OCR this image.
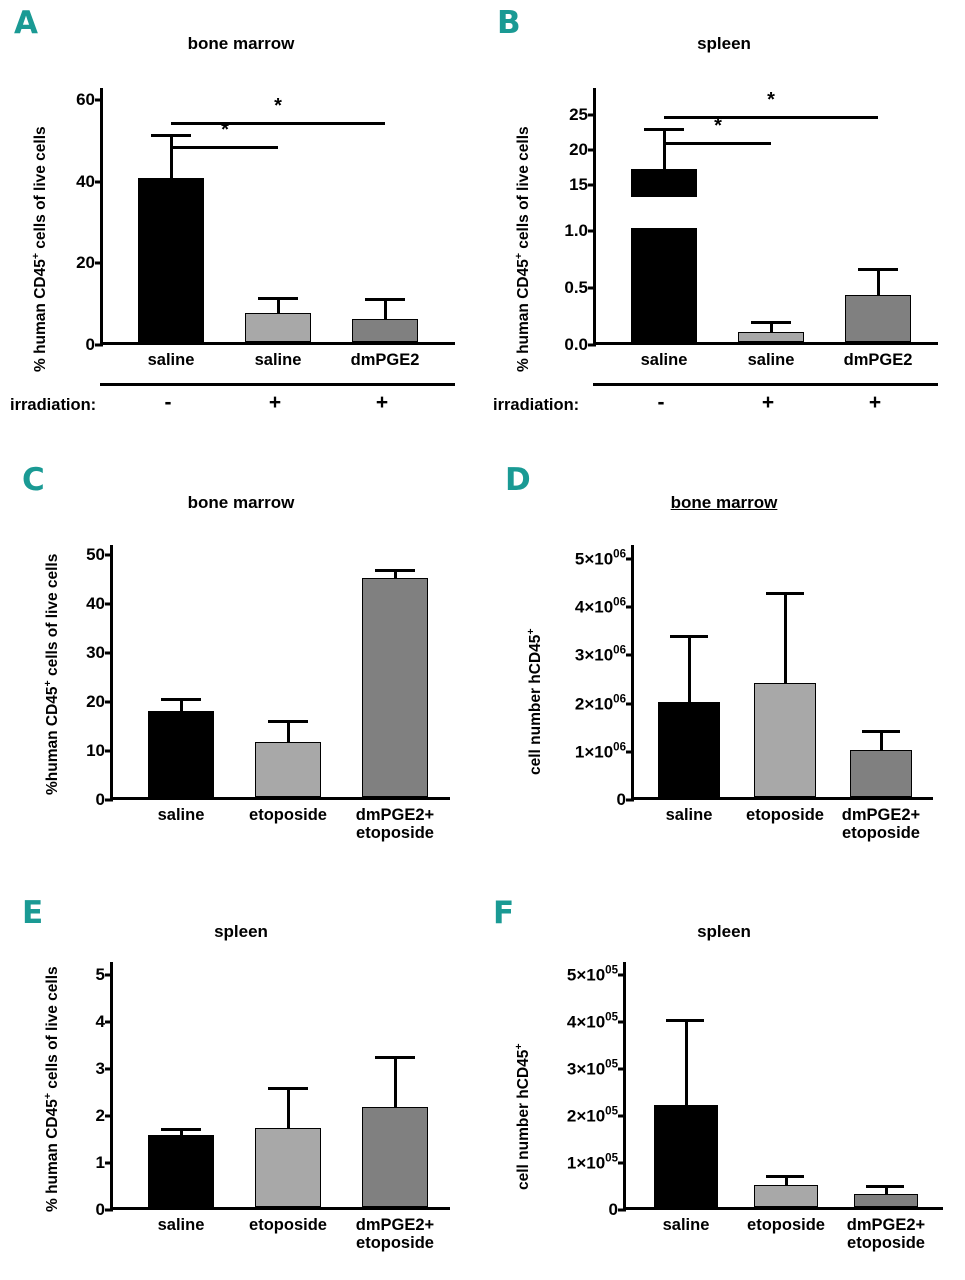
A
bone marrow
% human CD45+ cells of live cells
0
20
40
60	*
*
saline	saline	dmPGE2
irradiation:	-	+	+
B
spleen
% human CD45+ cells of live cells
0.0
0.5
1.0
15
20
25
*
*
saline	saline	dmPGE2
irradiation:	-	+	+
C
bone marrow
%human CD45+ cells of live cells
0
10
20
30
40
50
saline	etoposide dmPGE2+
etoposide
D
bone marrow
cell number hCD45+
0
$1\times 10^{06}$
$2\times 10^{06}$
$3\times 10^{06}$
$4\times 10^{06}$
$5\times 10^{06}$
saline etoposide dmPGE2+
etoposide
E
spleen
% human CD45+ cells of live cells
0
1
2
3
4
5
saline	etoposide dmPGE2+
etoposide
F
spleen
cell number hCD45+
0
$1\times 10^{05}$
$2\times 10^{05}$
$3\times 10^{05}$
$4\times 10^{05}$
$5\times 10^{05}$
saline etoposide dmPGE2+
etoposide
